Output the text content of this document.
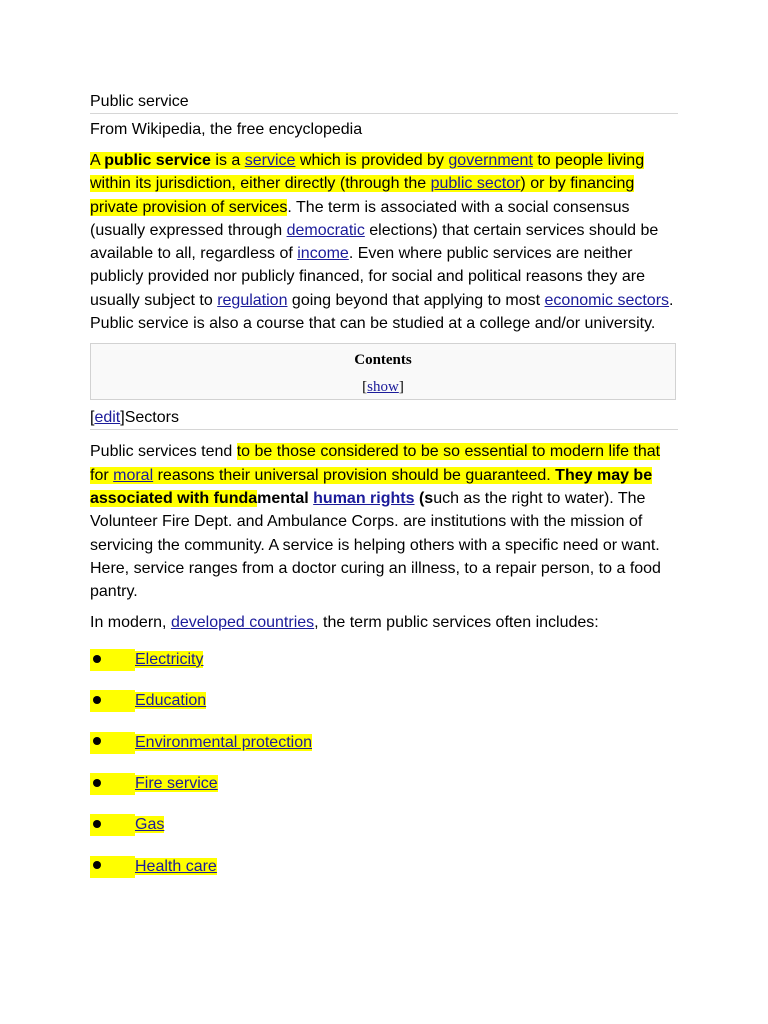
Public service
From Wikipedia, the free encyclopedia

A public service is a service which is provided by government to people living within its jurisdiction, either directly (through the public sector) or by financing private provision of services. The term is associated with a social consensus (usually expressed through democratic elections) that certain services should be available to all, regardless of income. Even where public services are neither publicly provided nor publicly financed, for social and political reasons they are usually subject to regulation going beyond that applying to most economic sectors. Public service is also a course that can be studied at a college and/or university.

Contents
[show]
[edit]Sectors

Public services tend to be those considered to be so essential to modern life that for moral reasons their universal provision should be guaranteed. They may be associated with fundamental human rights (such as the right to water). The Volunteer Fire Dept. and Ambulance Corps. are institutions with the mission of servicing the community. A service is helping others with a specific need or want. Here, service ranges from a doctor curing an illness, to a repair person, to a food pantry.

In modern, developed countries, the term public services often includes:

Electricity
Education
Environmental protection
Fire service
Gas
Health care
